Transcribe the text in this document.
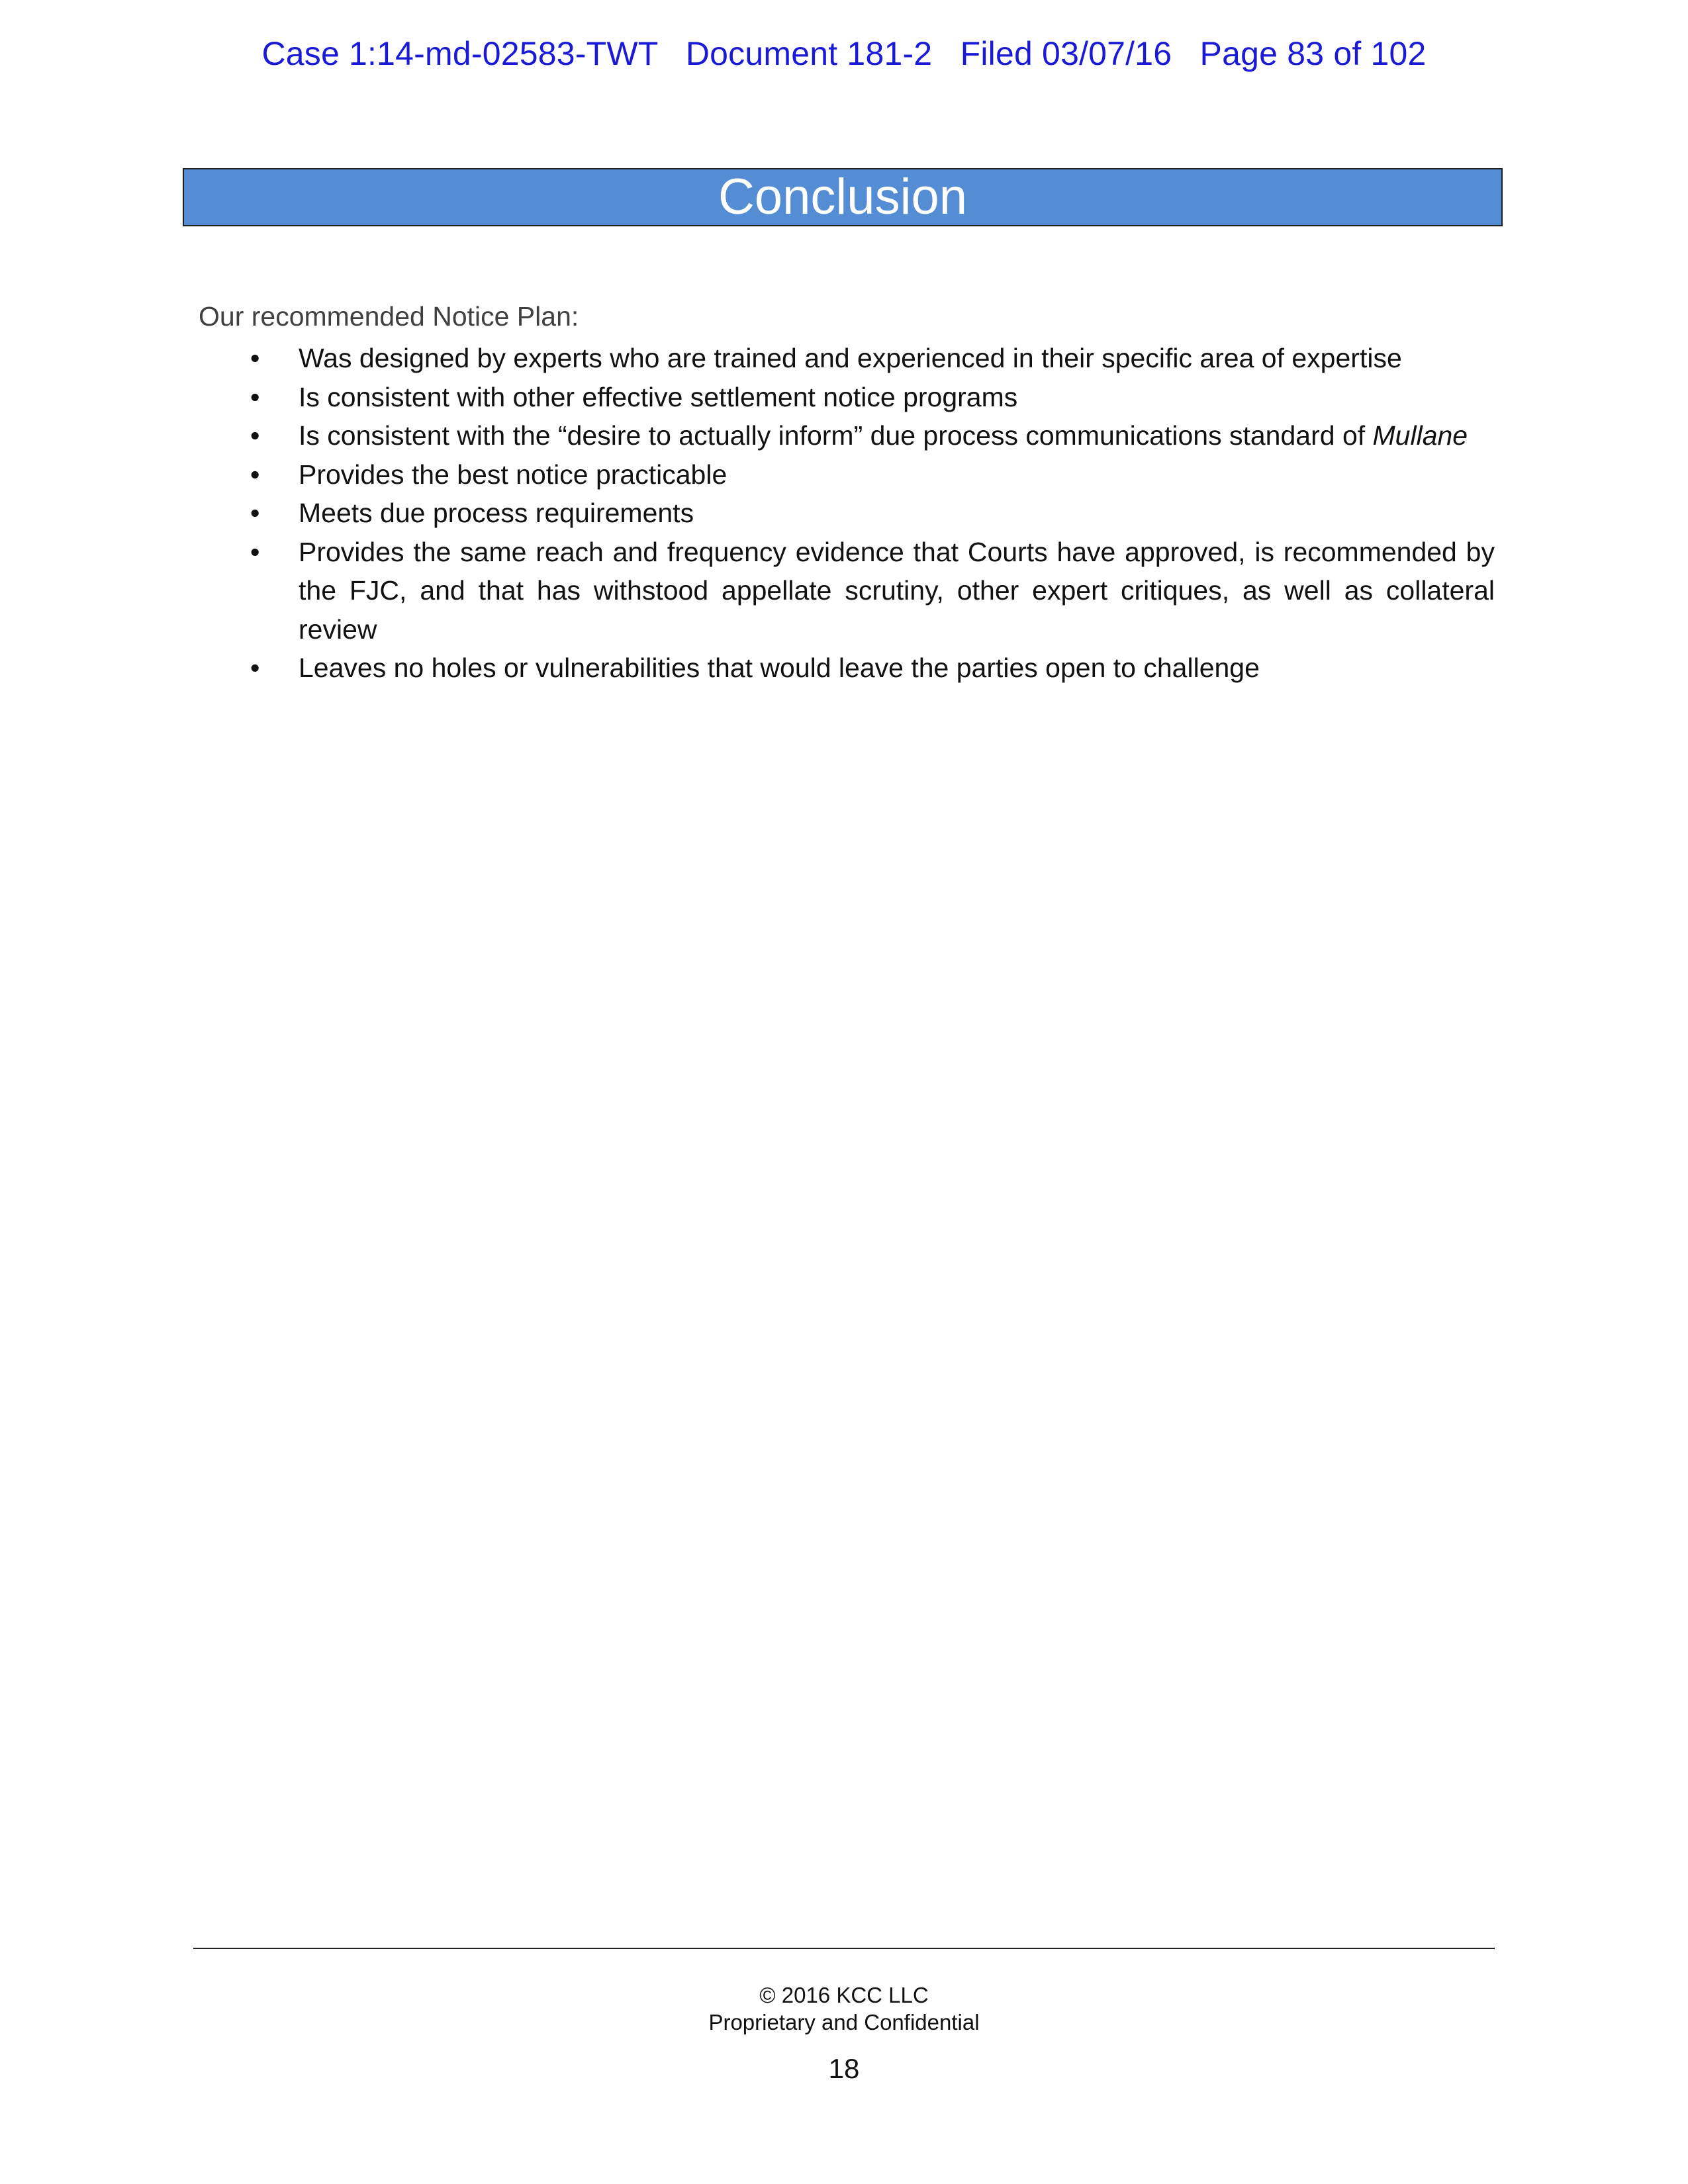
Case 1:14-md-02583-TWT   Document 181-2   Filed 03/07/16   Page 83 of 102
Conclusion
Our recommended Notice Plan:
• Was designed by experts who are trained and experienced in their specific area of expertise
• Is consistent with other effective settlement notice programs
• Is consistent with the “desire to actually inform” due process communications standard of Mullane
• Provides the best notice practicable
• Meets due process requirements
• Provides the same reach and frequency evidence that Courts have approved, is recommended by the FJC, and that has withstood appellate scrutiny, other expert critiques, as well as collateral review
• Leaves no holes or vulnerabilities that would leave the parties open to challenge
© 2016 KCC LLC
Proprietary and Confidential
18
